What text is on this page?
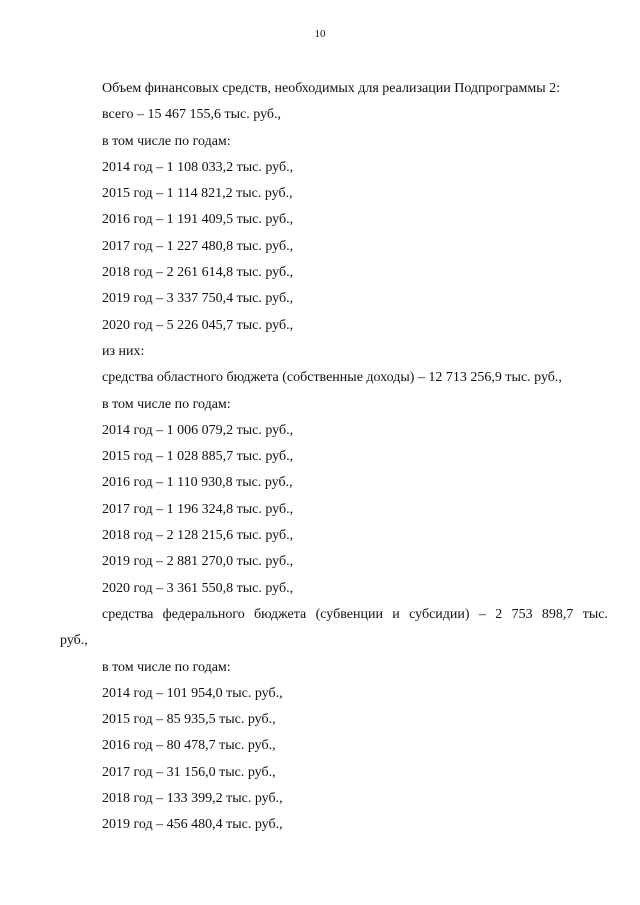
10
Объем финансовых средств, необходимых для реализации Подпрограммы 2:
всего – 15 467 155,6 тыс. руб.,
в том числе по годам:
2014 год – 1 108 033,2 тыс. руб.,
2015 год – 1 114 821,2 тыс. руб.,
2016 год – 1 191 409,5 тыс. руб.,
2017 год – 1 227 480,8 тыс. руб.,
2018 год – 2 261 614,8 тыс. руб.,
2019 год – 3 337 750,4 тыс. руб.,
2020 год – 5 226 045,7 тыс. руб.,
из них:
средства областного бюджета (собственные доходы) – 12 713 256,9 тыс. руб.,
в том числе по годам:
2014 год – 1 006 079,2 тыс. руб.,
2015 год – 1 028 885,7 тыс. руб.,
2016 год – 1 110 930,8 тыс. руб.,
2017 год – 1 196 324,8 тыс. руб.,
2018 год – 2 128 215,6 тыс. руб.,
2019 год – 2 881 270,0 тыс. руб.,
2020 год – 3 361 550,8 тыс. руб.,
средства федерального бюджета (субвенции и субсидии) – 2 753 898,7 тыс.
руб.,
в том числе по годам:
2014 год – 101 954,0 тыс. руб.,
2015 год – 85 935,5 тыс. руб.,
2016 год – 80 478,7 тыс. руб.,
2017 год – 31 156,0 тыс. руб.,
2018 год – 133 399,2 тыс. руб.,
2019 год – 456 480,4 тыс. руб.,
